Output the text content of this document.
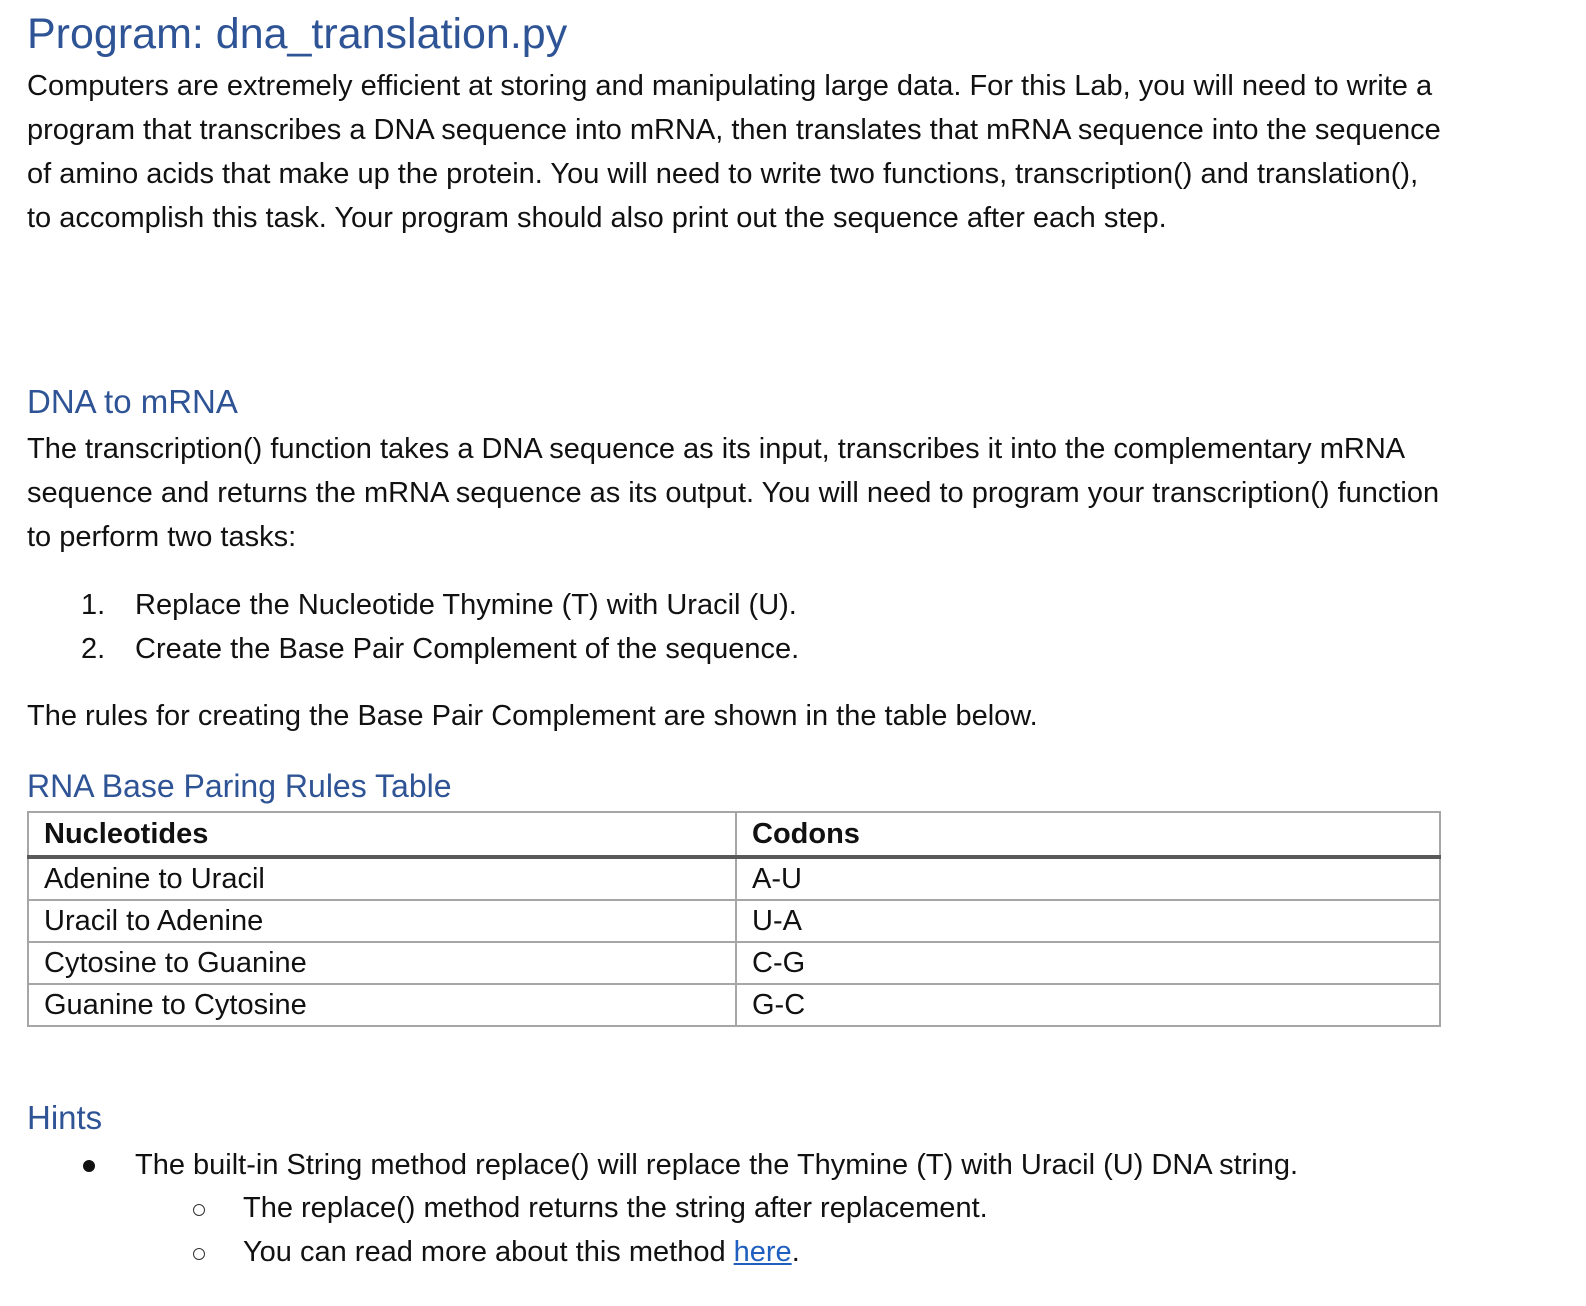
Program: dna_translation.py
Computers are extremely efficient at storing and manipulating large data. For this Lab, you will need to write a program that transcribes a DNA sequence into mRNA, then translates that mRNA sequence into the sequence of amino acids that make up the protein. You will need to write two functions, transcription() and translation(), to accomplish this task. Your program should also print out the sequence after each step.
DNA to mRNA
The transcription() function takes a DNA sequence as its input, transcribes it into the complementary mRNA sequence and returns the mRNA sequence as its output. You will need to program your transcription() function to perform two tasks:
1. Replace the Nucleotide Thymine (T) with Uracil (U).
2. Create the Base Pair Complement of the sequence.
The rules for creating the Base Pair Complement are shown in the table below.
RNA Base Paring Rules Table
Nucleotides	Codons
Adenine to Uracil	A-U
Uracil to Adenine	U-A
Cytosine to Guanine	C-G
Guanine to Cytosine	G-C
Hints
The built-in String method replace() will replace the Thymine (T) with Uracil (U) DNA string.
The replace() method returns the string after replacement.
You can read more about this method here.
